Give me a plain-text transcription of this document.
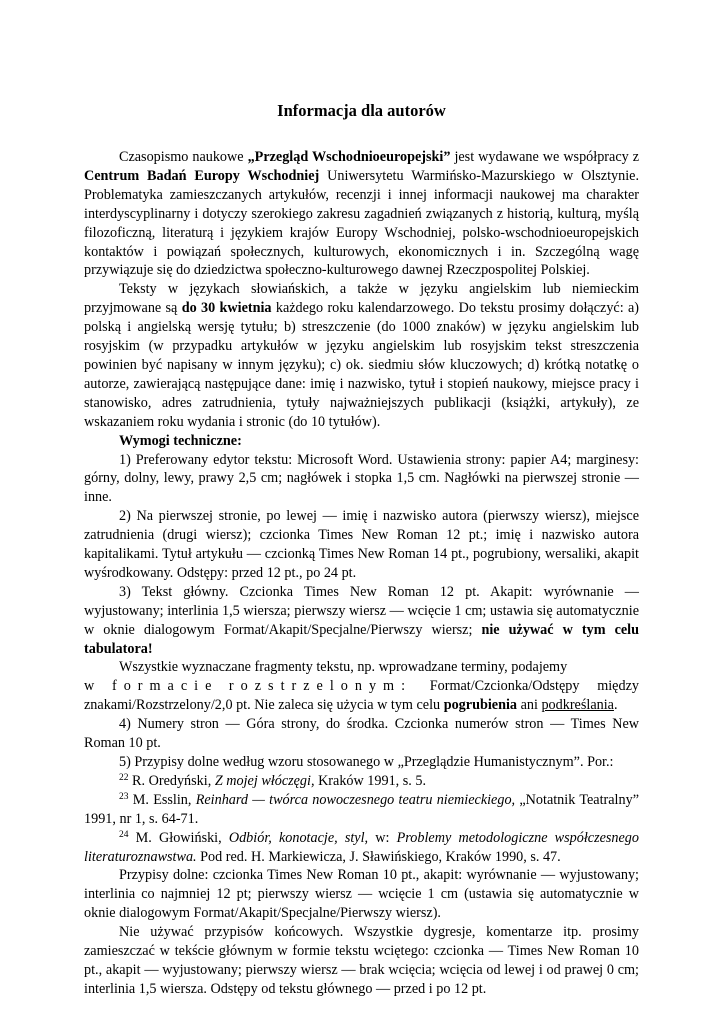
Informacja dla autorów

Czasopismo naukowe „Przegląd Wschodnioeuropejski” jest wydawane we współpracy z Centrum Badań Europy Wschodniej Uniwersytetu Warmińsko-Mazurskiego w Olsztynie. Problematyka zamieszczanych artykułów, recenzji i innej informacji naukowej ma charakter interdyscyplinarny i dotyczy szerokiego zakresu zagadnień związanych z historią, kulturą, myślą filozoficzną, literaturą i językiem krajów Europy Wschodniej, polsko-wschodnioeuropejskich kontaktów i powiązań społecznych, kulturowych, ekonomicznych i in. Szczególną wagę przywiązuje się do dziedzictwa społeczno-kulturowego dawnej Rzeczpospolitej Polskiej.

Teksty w językach słowiańskich, a także w języku angielskim lub niemieckim przyjmowane są do 30 kwietnia każdego roku kalendarzowego. Do tekstu prosimy dołączyć: a) polską i angielską wersję tytułu; b) streszczenie (do 1000 znaków) w języku angielskim lub rosyjskim (w przypadku artykułów w języku angielskim lub rosyjskim tekst streszczenia powinien być napisany w innym języku); c) ok. siedmiu słów kluczowych; d) krótką notatkę o autorze, zawierającą następujące dane: imię i nazwisko, tytuł i stopień naukowy, miejsce pracy i stanowisko, adres zatrudnienia, tytuły najważniejszych publikacji (książki, artykuły), ze wskazaniem roku wydania i stronic (do 10 tytułów).

Wymogi techniczne:

1) Preferowany edytor tekstu: Microsoft Word. Ustawienia strony: papier A4; marginesy: górny, dolny, lewy, prawy 2,5 cm; nagłówek i stopka 1,5 cm. Nagłówki na pierwszej stronie — inne.

2) Na pierwszej stronie, po lewej — imię i nazwisko autora (pierwszy wiersz), miejsce zatrudnienia (drugi wiersz); czcionka Times New Roman 12 pt.; imię i nazwisko autora kapitalikami. Tytuł artykułu — czcionką Times New Roman 14 pt., pogrubiony, wersaliki, akapit wyśrodkowany. Odstępy: przed 12 pt., po 24 pt.

3) Tekst główny. Czcionka Times New Roman 12 pt. Akapit: wyrównanie — wyjustowany; interlinia 1,5 wiersza; pierwszy wiersz — wcięcie 1 cm; ustawia się automatycznie w oknie dialogowym Format/Akapit/Specjalne/Pierwszy wiersz; nie używać w tym celu tabulatora!

Wszystkie wyznaczane fragmenty tekstu, np. wprowadzane terminy, podajemy

w formacie rozstrzelonym: Format/Czcionka/Odstępy między

znakami/Rozstrzelony/2,0 pt. Nie zaleca się użycia w tym celu pogrubienia ani podkreślania.

4) Numery stron — Góra strony, do środka. Czcionka numerów stron — Times New Roman 10 pt.

5) Przypisy dolne według wzoru stosowanego w „Przeglądzie Humanistycznym”. Por.:

$^{22}$ R. Oredyński, Z mojej włóczęgi, Kraków 1991, s. 5.

$^{23}$ M. Esslin, Reinhard — twórca nowoczesnego teatru niemieckiego, „Notatnik Teatralny” 1991, nr 1, s. 64-71.

$^{24}$ M. Głowiński, Odbiór, konotacje, styl, w: Problemy metodologiczne współczesnego literaturoznawstwa. Pod red. H. Markiewicza, J. Sławińskiego, Kraków 1990, s. 47.

Przypisy dolne: czcionka Times New Roman 10 pt., akapit: wyrównanie — wyjustowany; interlinia co najmniej 12 pt; pierwszy wiersz — wcięcie 1 cm (ustawia się automatycznie w oknie dialogowym Format/Akapit/Specjalne/Pierwszy wiersz).

Nie używać przypisów końcowych. Wszystkie dygresje, komentarze itp. prosimy zamieszczać w tekście głównym w formie tekstu wciętego: czcionka — Times New Roman 10 pt., akapit — wyjustowany; pierwszy wiersz — brak wcięcia; wcięcia od lewej i od prawej 0 cm; interlinia 1,5 wiersza. Odstępy od tekstu głównego — przed i po 12 pt.
